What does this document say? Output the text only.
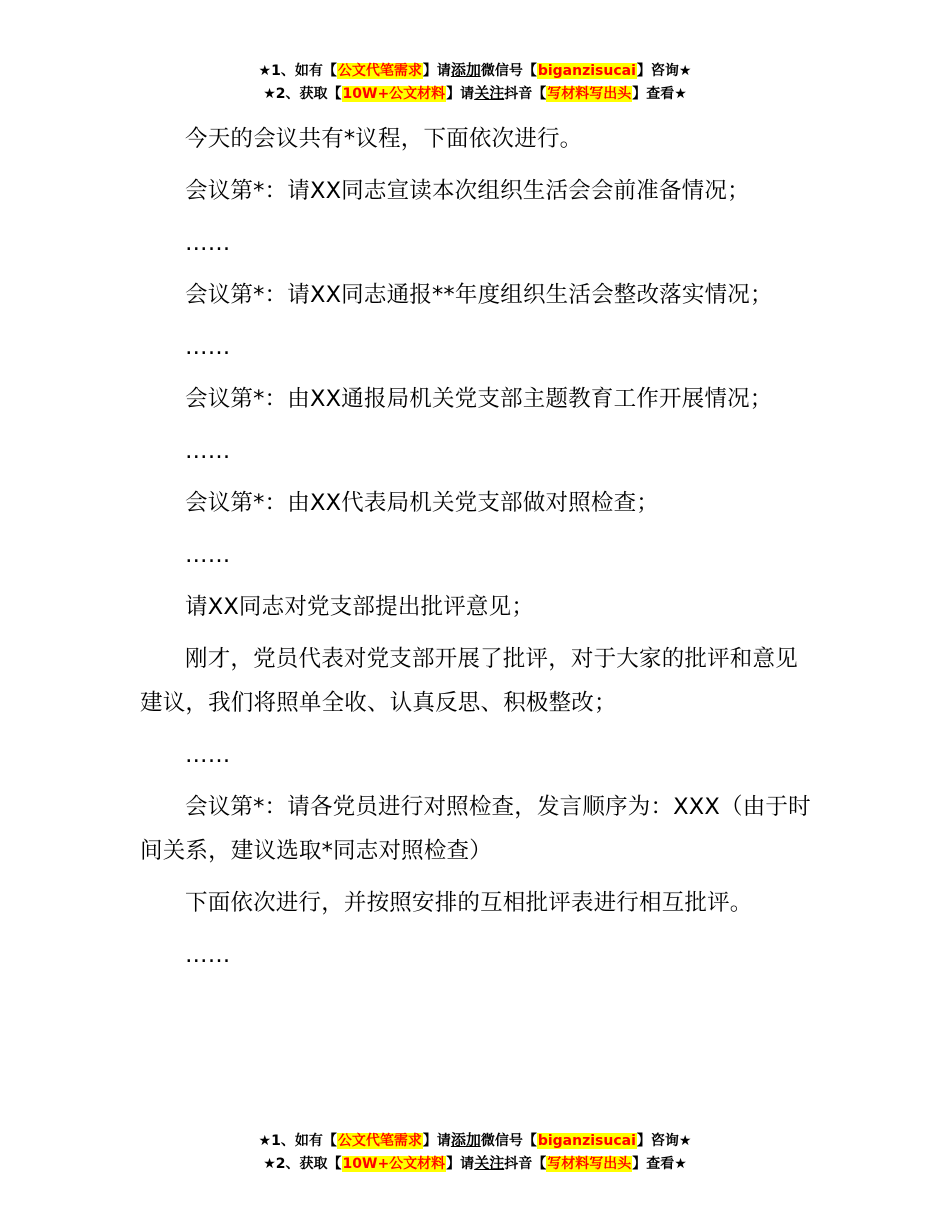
★1、如有【公文代笔需求】请添加微信号【biganzisucai】咨询★
★2、获取【10W+公文材料】请关注抖音【写材料写出头】查看★

今天的会议共有*议程，下面依次进行。

会议第*：请XX同志宣读本次组织生活会会前准备情况；

……

会议第*：请XX同志通报**年度组织生活会整改落实情况；

……

会议第*：由XX通报局机关党支部主题教育工作开展情况；

……

会议第*：由XX代表局机关党支部做对照检查；

……

请XX同志对党支部提出批评意见；

刚才，党员代表对党支部开展了批评，对于大家的批评和意见建议，我们将照单全收、认真反思、积极整改；

……

会议第*：请各党员进行对照检查，发言顺序为：XXX（由于时间关系，建议选取*同志对照检查）

下面依次进行，并按照安排的互相批评表进行相互批评。

……

★1、如有【公文代笔需求】请添加微信号【biganzisucai】咨询★
★2、获取【10W+公文材料】请关注抖音【写材料写出头】查看★
